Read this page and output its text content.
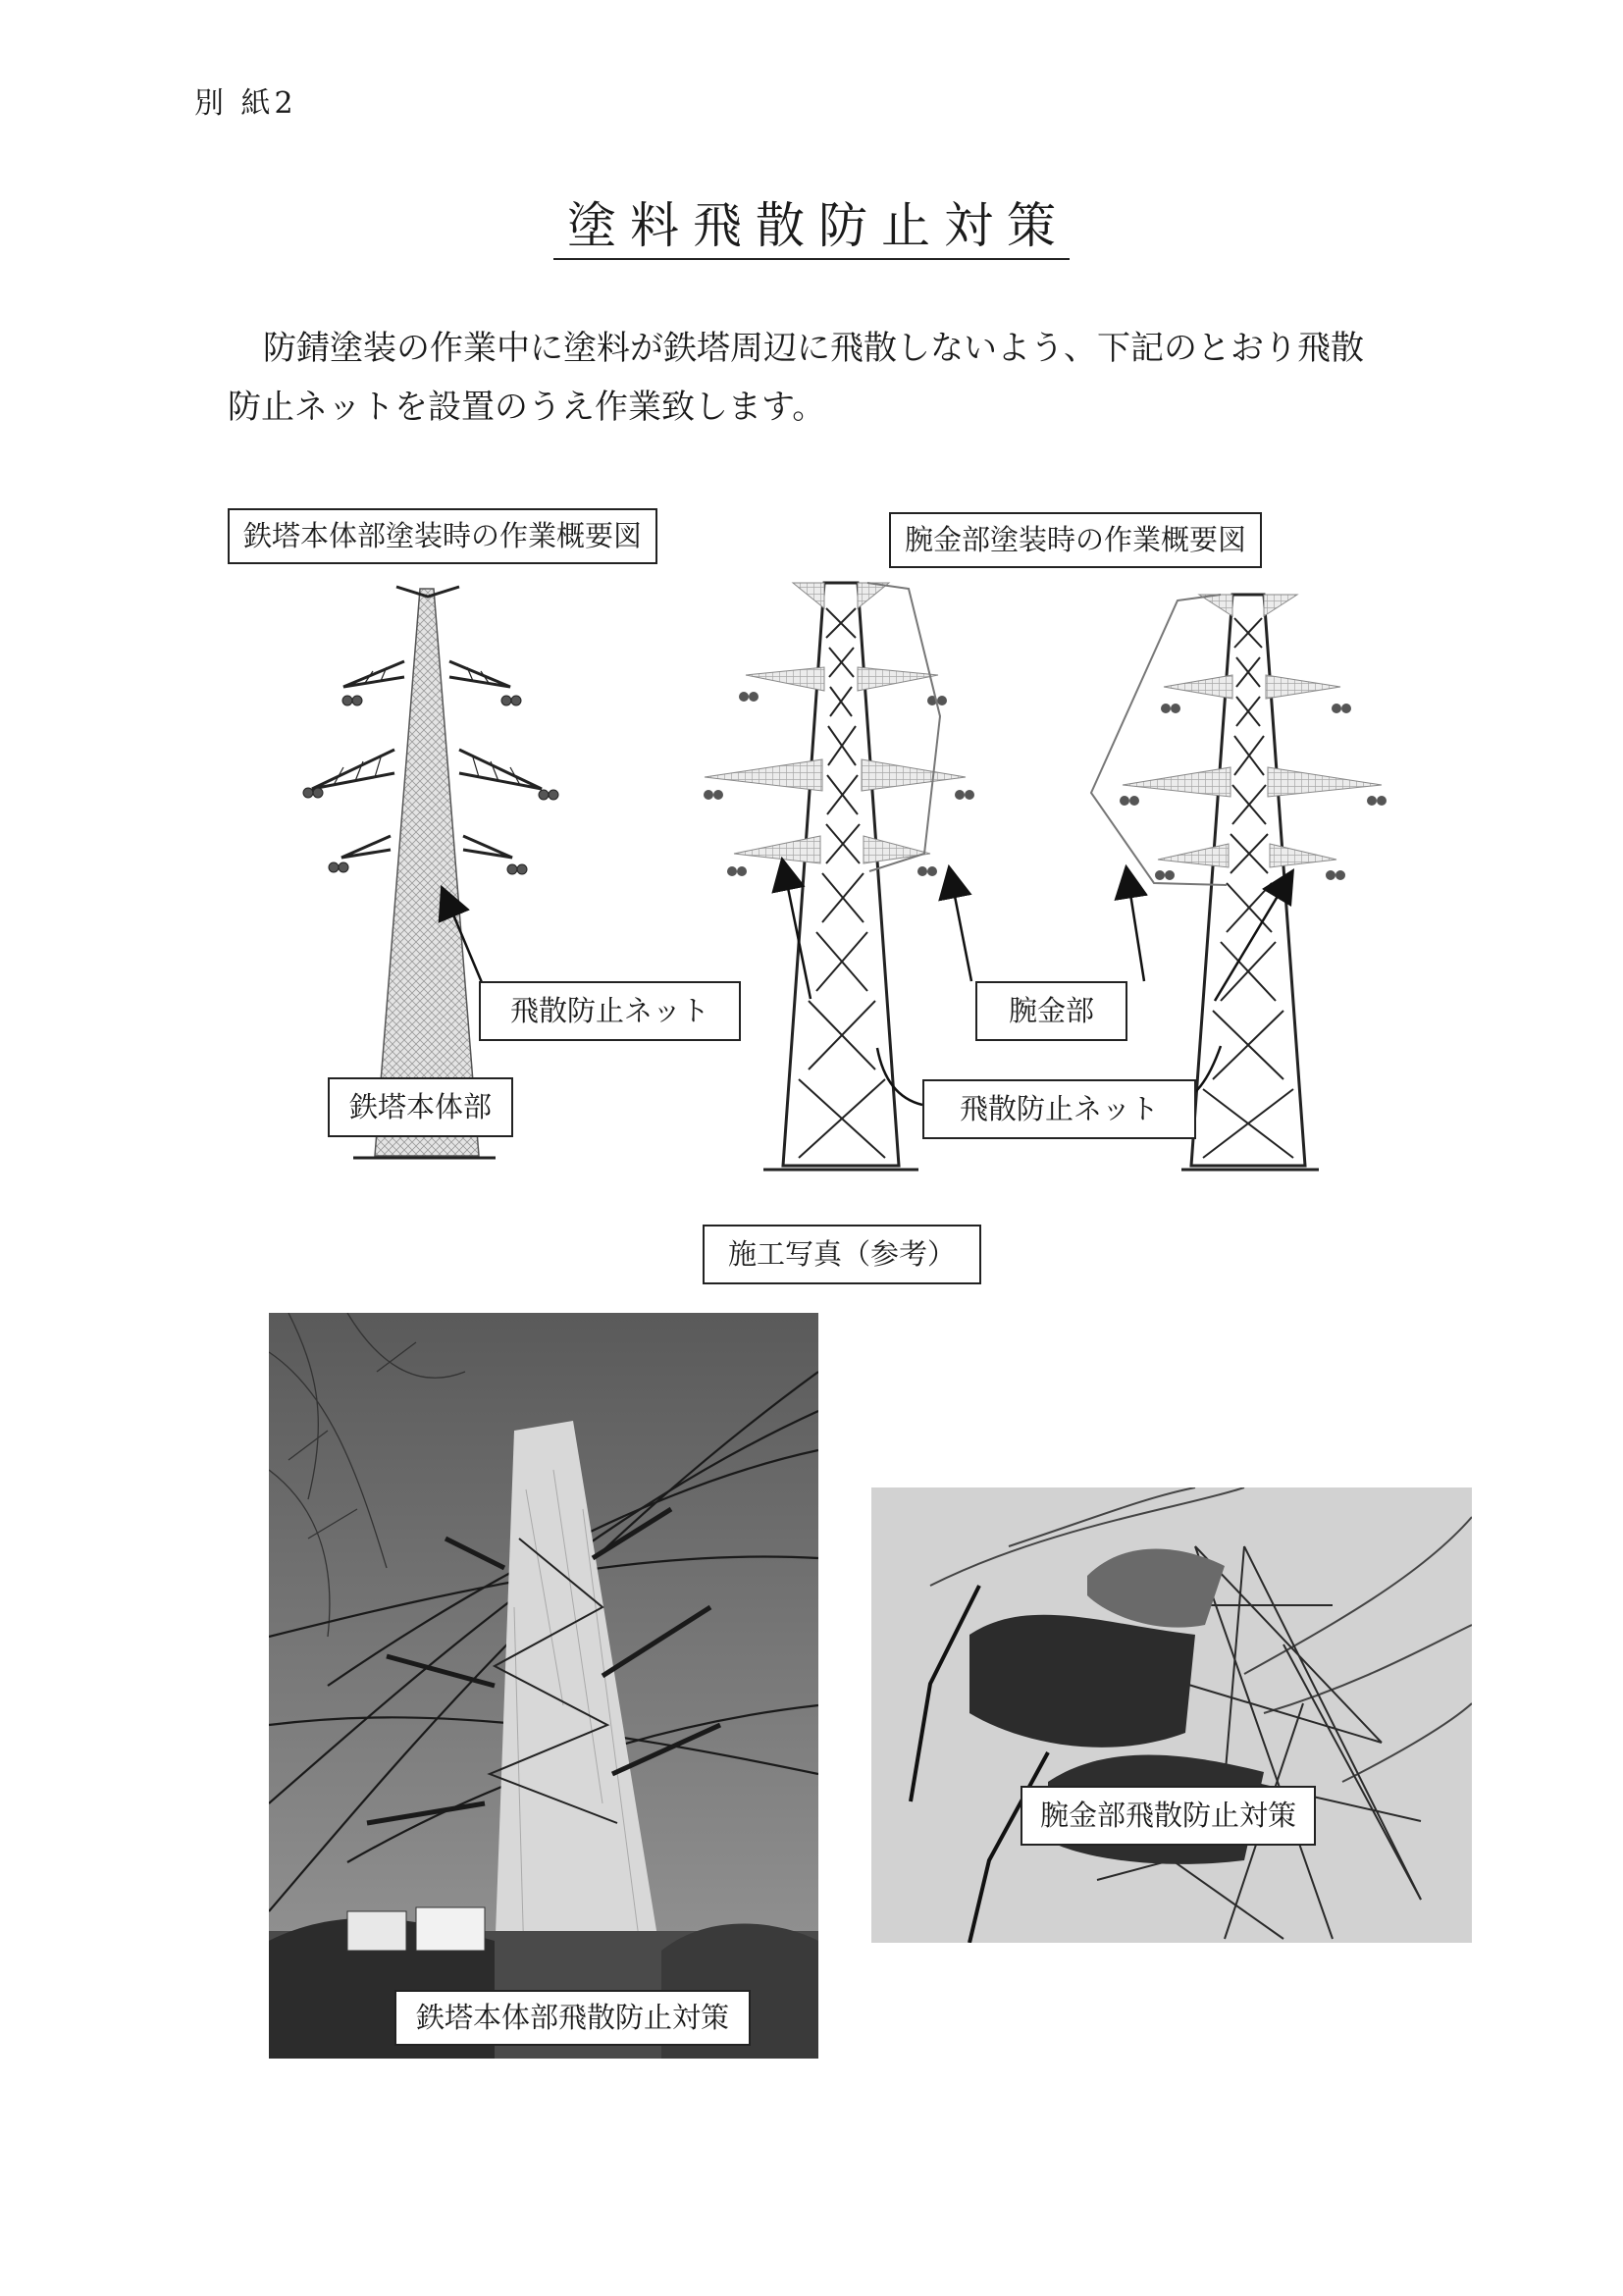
別 紙2
塗料飛散防止対策
防錆塗装の作業中に塗料が鉄塔周辺に飛散しないよう、下記のとおり飛散防止ネットを設置のうえ作業致します。
鉄塔本体部塗装時の作業概要図
飛散防止ネット
鉄塔本体部
腕金部塗装時の作業概要図
腕金部
飛散防止ネット
施工写真（参考）
鉄塔本体部飛散防止対策
腕金部飛散防止対策
